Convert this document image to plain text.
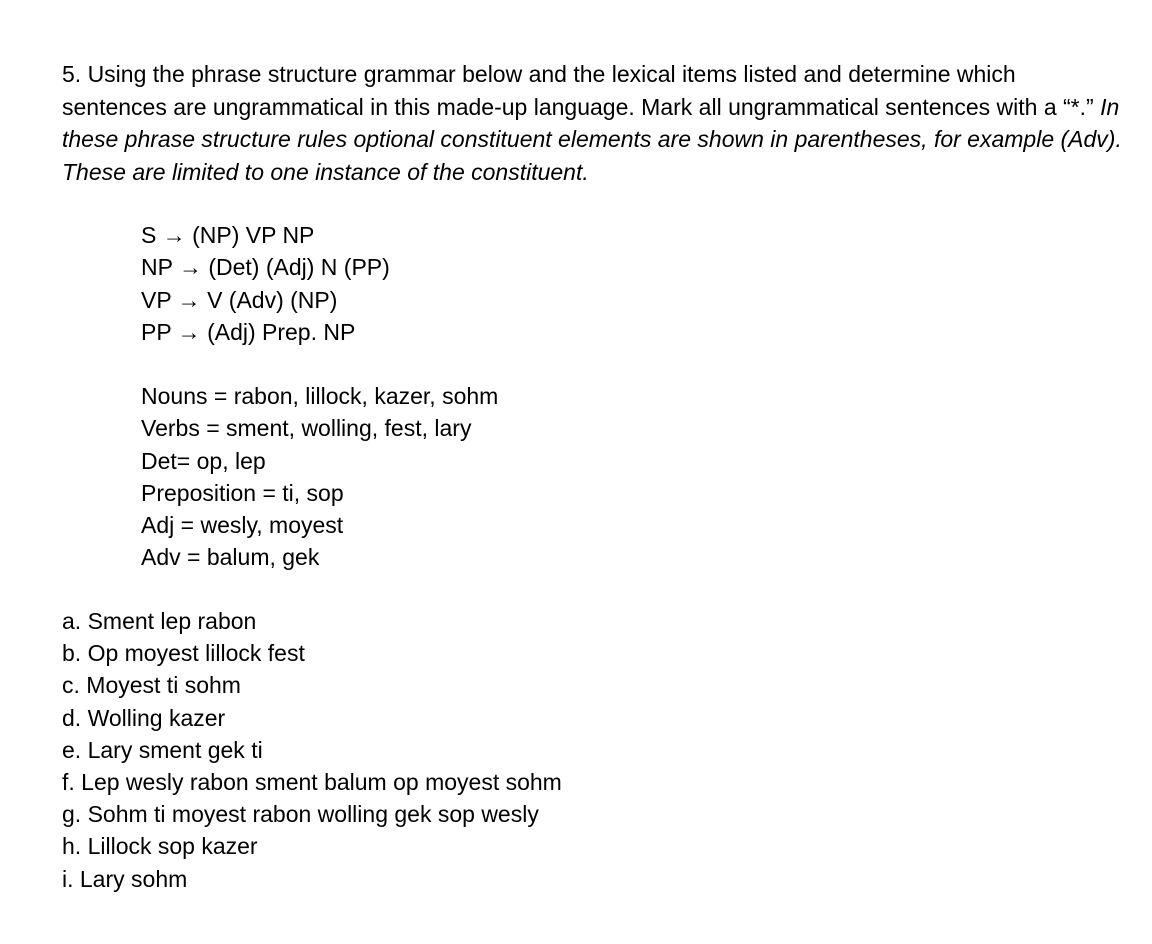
5. Using the phrase structure grammar below and the lexical items listed and determine which sentences are ungrammatical in this made-up language. Mark all ungrammatical sentences with a “*.” In these phrase structure rules optional constituent elements are shown in parentheses, for example (Adv). These are limited to one instance of the constituent.

S → (NP) VP NP
NP → (Det) (Adj) N (PP)
VP → V (Adv) (NP)
PP → (Adj) Prep. NP
Nouns = rabon, lillock, kazer, sohm
Verbs = sment, wolling, fest, lary
Det= op, lep
Preposition = ti, sop
Adj = wesly, moyest
Adv = balum, gek
a. Sment lep rabon
b. Op moyest lillock fest
c. Moyest ti sohm
d. Wolling kazer
e. Lary sment gek ti
f. Lep wesly rabon sment balum op moyest sohm
g. Sohm ti moyest rabon wolling gek sop wesly
h. Lillock sop kazer
i. Lary sohm
